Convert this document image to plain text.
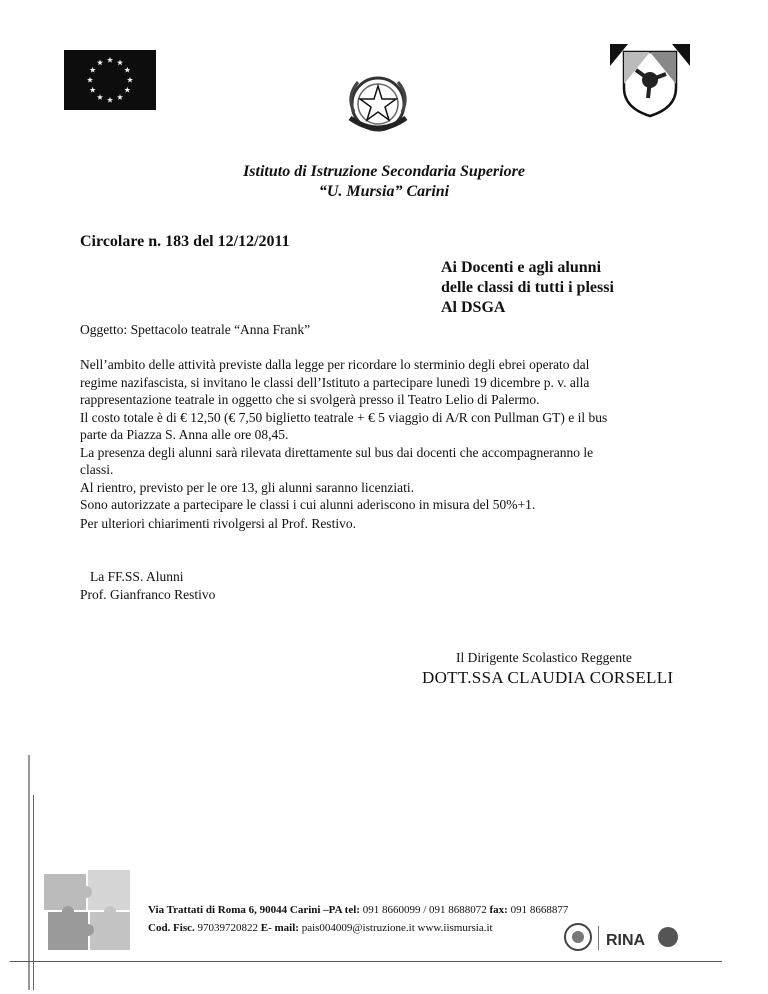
Istituto di Istruzione Secondaria Superiore
“U. Mursia” Carini
Circolare n. 183 del 12/12/2011
Ai Docenti e agli alunni
delle classi di tutti i plessi
Al DSGA
Oggetto: Spettacolo teatrale “Anna Frank”
Nell’ambito delle attività previste dalla legge per ricordare lo sterminio degli ebrei operato dal
regime nazifascista, si invitano le classi dell’Istituto a partecipare lunedì 19 dicembre p. v. alla
rappresentazione teatrale in oggetto che si svolgerà presso il Teatro Lelio di Palermo.
Il costo totale è di € 12,50 (€ 7,50 biglietto teatrale + € 5 viaggio di A/R con Pullman GT) e il bus
parte da Piazza S. Anna alle ore 08,45.
La presenza degli alunni sarà rilevata direttamente sul bus dai docenti che accompagneranno le
classi.
Al rientro, previsto per le ore 13, gli alunni saranno licenziati.
Sono autorizzate a partecipare le classi i cui alunni aderiscono in misura del 50%+1.
Per ulteriori chiarimenti rivolgersi al Prof. Restivo.
La FF.SS. Alunni
Prof. Gianfranco Restivo
Il Dirigente Scolastico Reggente
DOTT.SSA CLAUDIA CORSELLI
Via Trattati di Roma 6, 90044 Carini –PA tel: 091 8660099 / 091 8688072 fax: 091 8668877
Cod. Fisc. 97039720822 E- mail: pais004009@istruzione.it www.iismursia.it
RINA
